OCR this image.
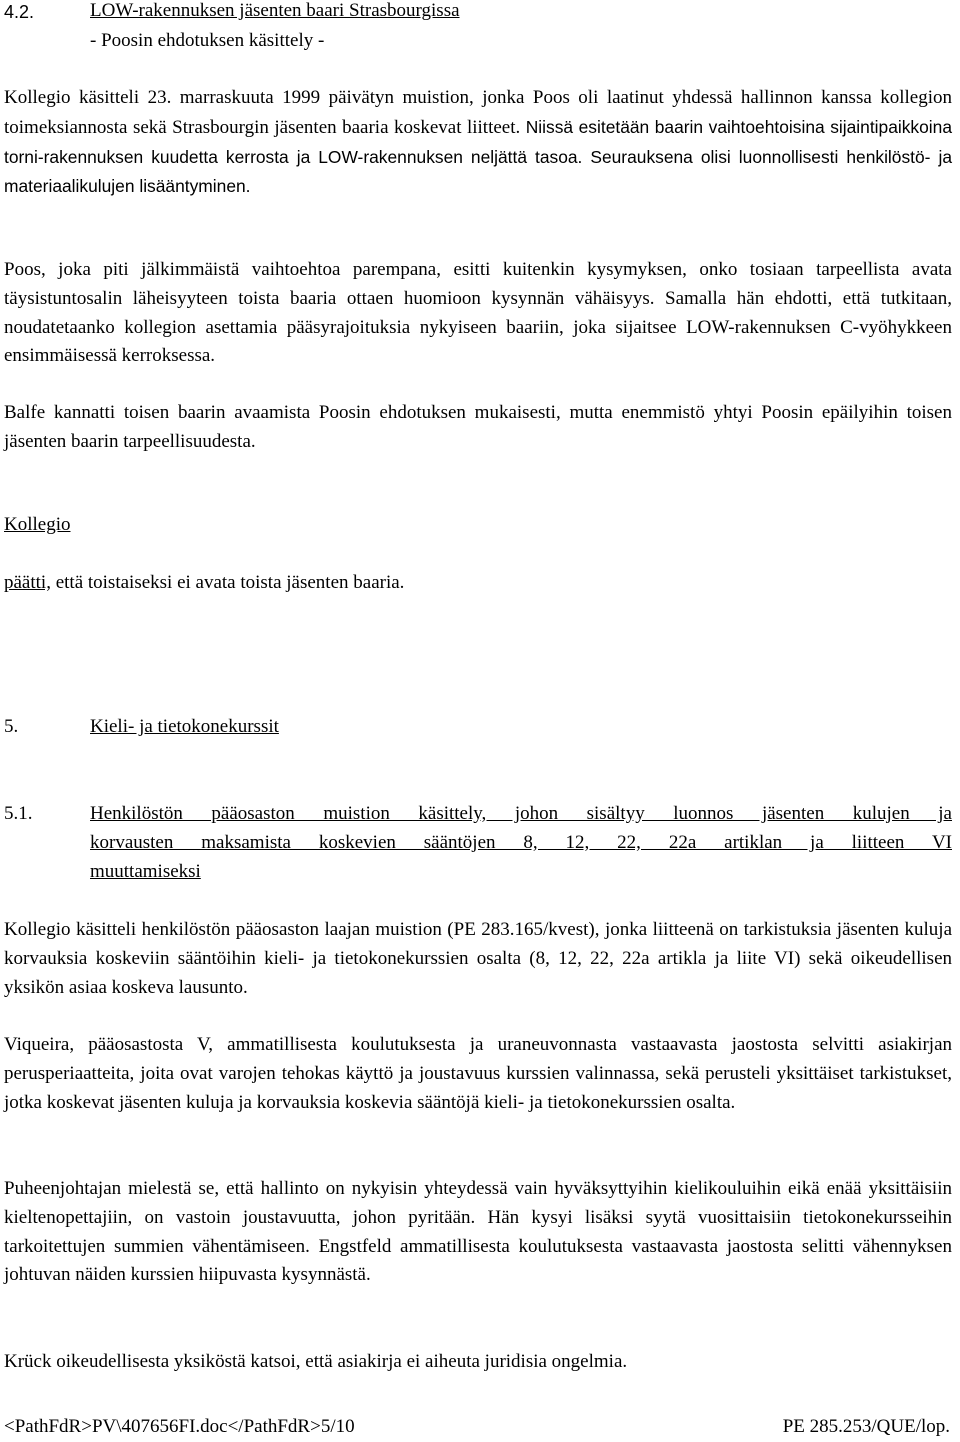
4.2.	LOW-rakennuksen jäsenten baari Strasbourgissa
- Poosin ehdotuksen käsittely -
Kollegio käsitteli 23. marraskuuta 1999 päivätyn muistion, jonka Poos oli laatinut yhdessä hallinnon kanssa kollegion toimeksiannosta sekä Strasbourgin jäsenten baaria koskevat liitteet. Niissä esitetään baarin vaihtoehtoisina sijaintipaikkoina torni-rakennuksen kuudetta kerrosta ja LOW-rakennuksen neljättä tasoa. Seurauksena olisi luonnollisesti henkilöstö- ja materiaalikulujen lisääntyminen.
Poos, joka piti jälkimmäistä vaihtoehtoa parempana, esitti kuitenkin kysymyksen, onko tosiaan tarpeellista avata täysistuntosalin läheisyyteen toista baaria ottaen huomioon kysynnän vähäisyys. Samalla hän ehdotti, että tutkitaan, noudatetaanko kollegion asettamia pääsyrajoituksia nykyiseen baariin, joka sijaitsee LOW-rakennuksen C-vyöhykkeen ensimmäisessä kerroksessa.
Balfe kannatti toisen baarin avaamista Poosin ehdotuksen mukaisesti, mutta enemmistö yhtyi Poosin epäilyihin toisen jäsenten baarin tarpeellisuudesta.
Kollegio
päätti, että toistaiseksi ei avata toista jäsenten baaria.
5.	Kieli- ja tietokonekurssit
5.1.	Henkilöstön pääosaston muistion käsittely, johon sisältyy luonnos jäsenten kulujen ja
korvausten maksamista koskevien sääntöjen 8, 12, 22, 22a artiklan ja liitteen VI
muuttamiseksi
Kollegio käsitteli henkilöstön pääosaston laajan muistion (PE 283.165/kvest), jonka liitteenä on tarkistuksia jäsenten kuluja korvauksia koskeviin sääntöihin kieli- ja tietokonekurssien osalta (8, 12, 22, 22a artikla ja liite VI) sekä oikeudellisen yksikön asiaa koskeva lausunto.
Viqueira, pääosastosta V, ammatillisesta koulutuksesta ja uraneuvonnasta vastaavasta jaostosta selvitti asiakirjan perusperiaatteita, joita ovat varojen tehokas käyttö ja joustavuus kurssien valinnassa, sekä perusteli yksittäiset tarkistukset, jotka koskevat jäsenten kuluja ja korvauksia koskevia sääntöjä kieli- ja tietokonekurssien osalta.
Puheenjohtajan mielestä se, että hallinto on nykyisin yhteydessä vain hyväksyttyihin kielikouluihin eikä enää yksittäisiin kieltenopettajiin, on vastoin joustavuutta, johon pyritään. Hän kysyi lisäksi syytä vuosittaisiin tietokonekursseihin tarkoitettujen summien vähentämiseen. Engstfeld ammatillisesta koulutuksesta vastaavasta jaostosta selitti vähennyksen johtuvan näiden kurssien hiipuvasta kysynnästä.
Krück oikeudellisesta yksiköstä katsoi, että asiakirja ei aiheuta juridisia ongelmia.
<PathFdR>PV\407656FI.doc</PathFdR>5/10	PE 285.253/QUE/lop.
